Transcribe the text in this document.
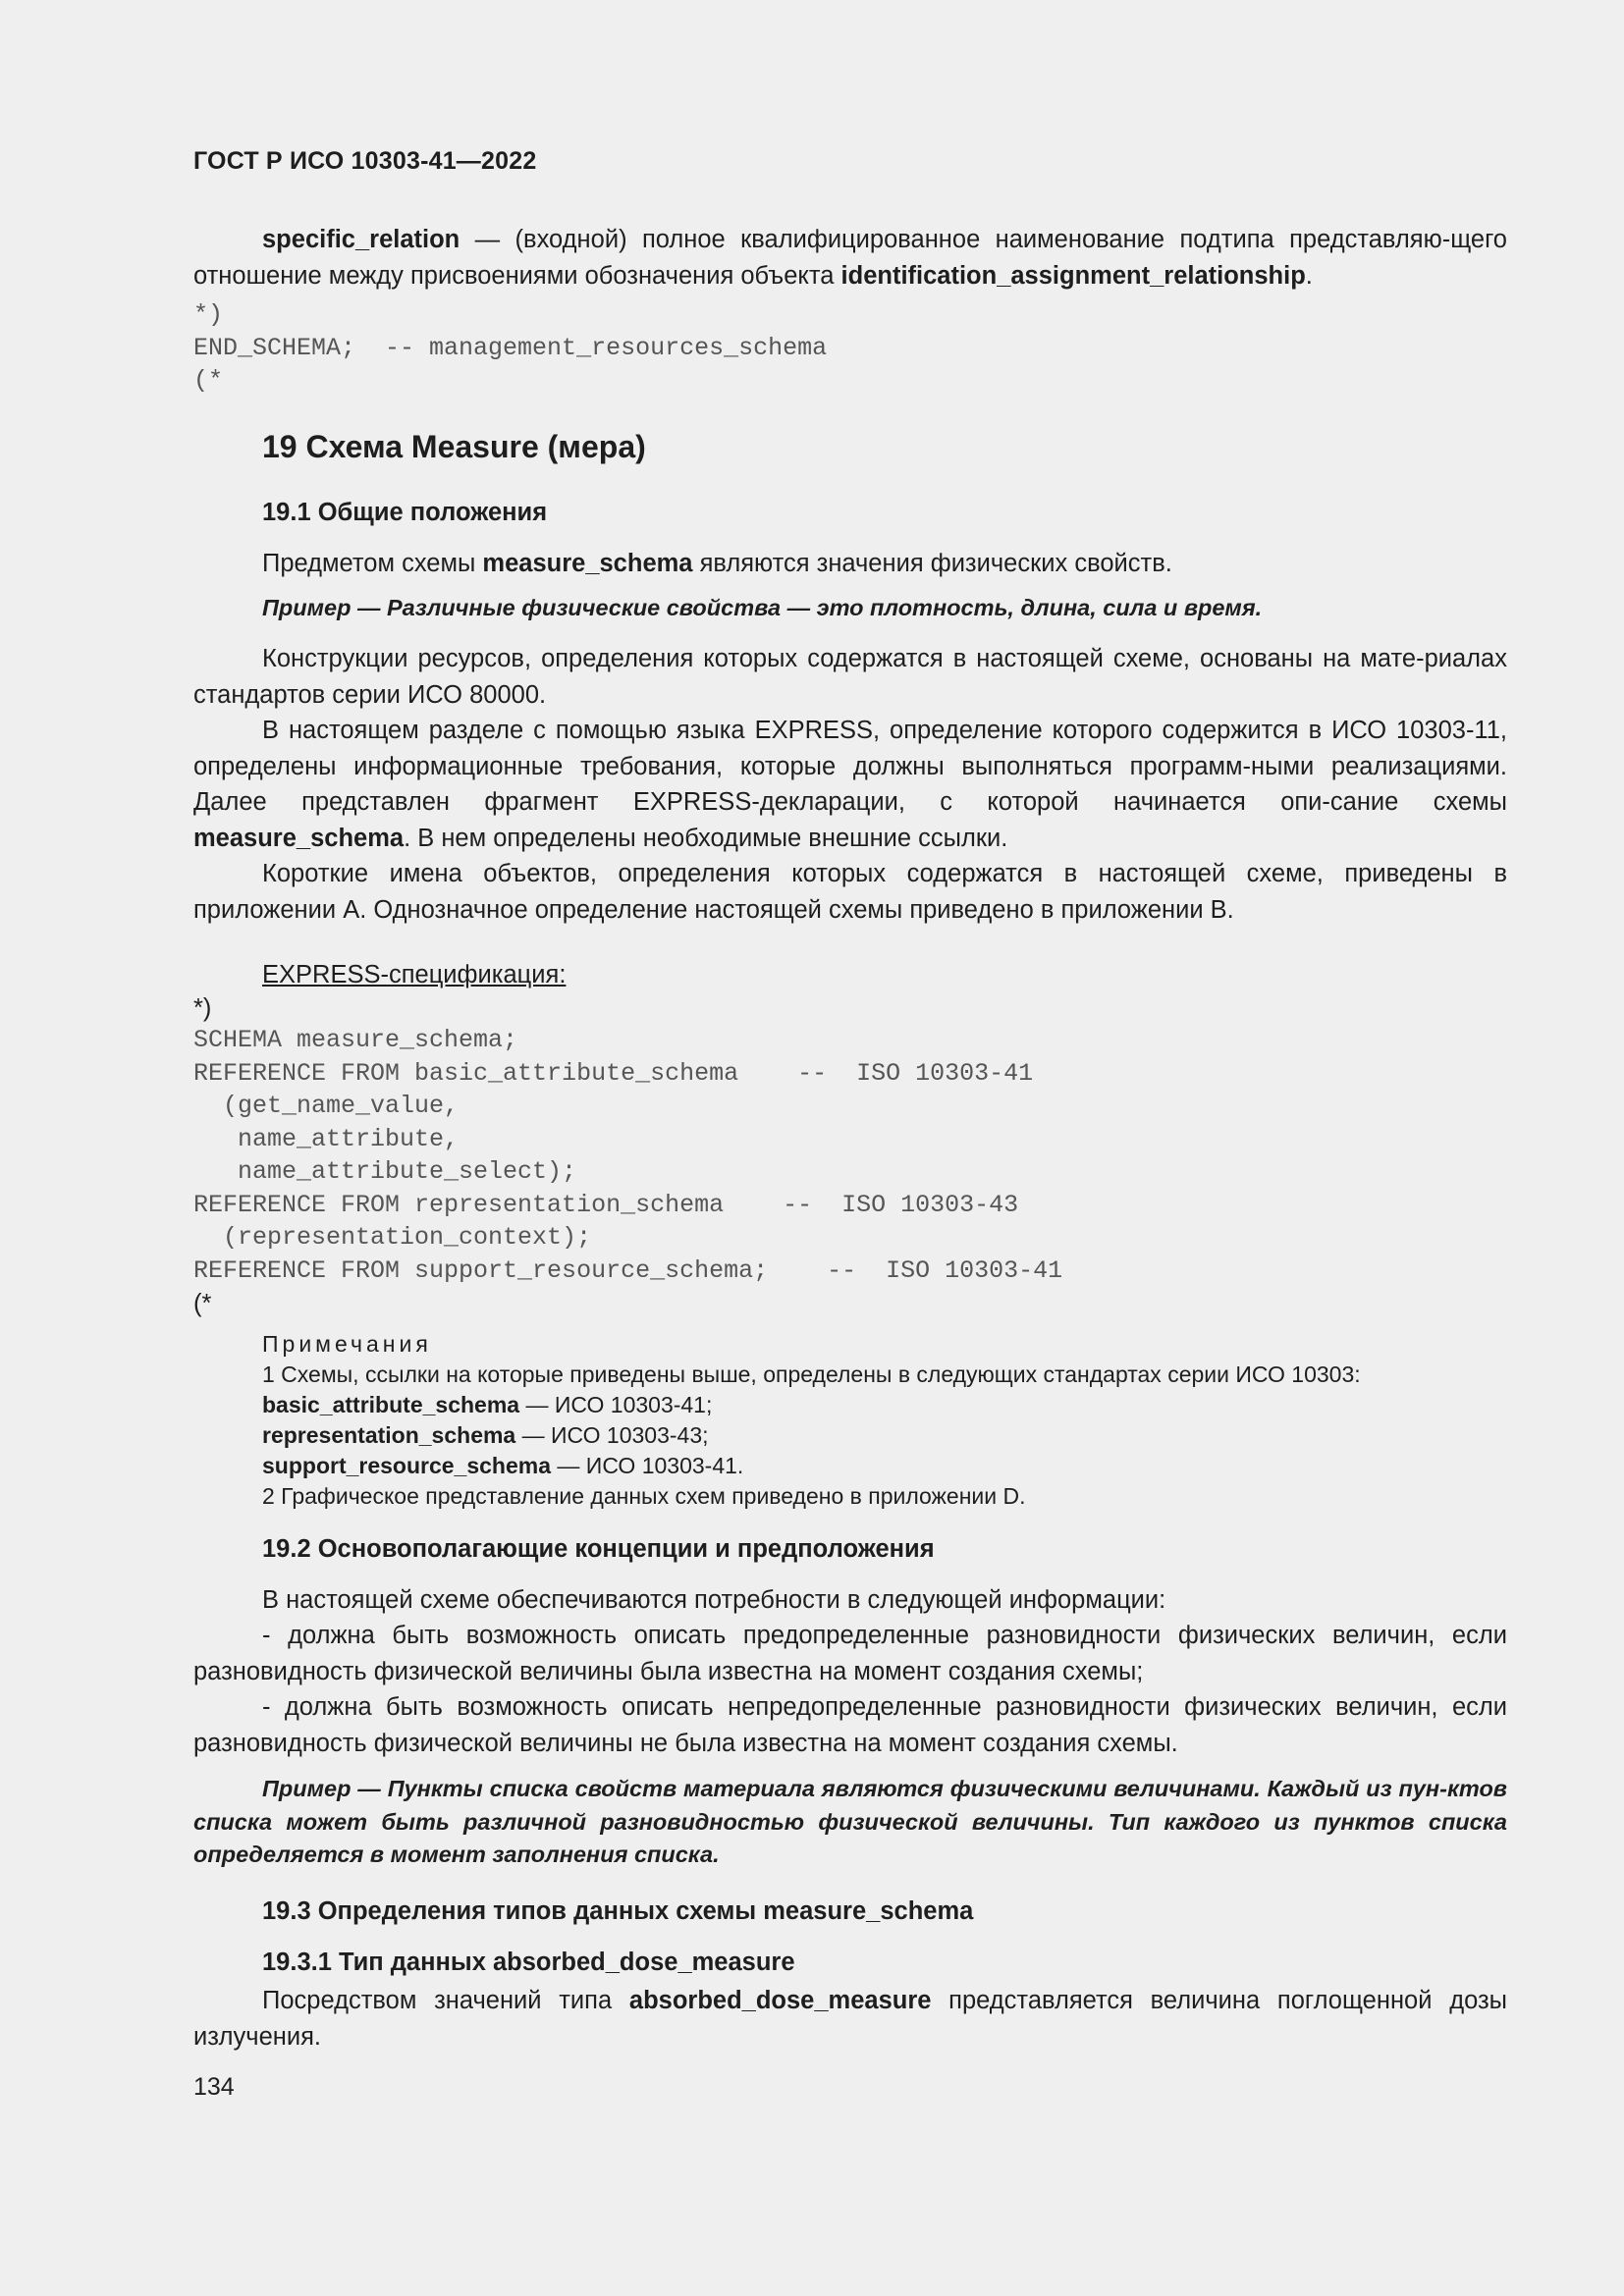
ГОСТ Р ИСО 10303-41—2022

specific_relation — (входной) полное квалифицированное наименование подтипа представляю-щего отношение между присвоениями обозначения объекта identification_assignment_relationship.

*)
END_SCHEMA;  -- management_resources_schema
(*
19 Схема Measure (мера)
19.1 Общие положения

Предметом схемы measure_schema являются значения физических свойств.

Пример — Различные физические свойства — это плотность, длина, сила и время.

Конструкции ресурсов, определения которых содержатся в настоящей схеме, основаны на мате-риалах стандартов серии ИСО 80000.

В настоящем разделе с помощью языка EXPRESS, определение которого содержится в ИСО 10303-11, определены информационные требования, которые должны выполняться программ-ными реализациями. Далее представлен фрагмент EXPRESS-декларации, с которой начинается опи-сание схемы measure_schema. В нем определены необходимые внешние ссылки.

Короткие имена объектов, определения которых содержатся в настоящей схеме, приведены в приложении А. Однозначное определение настоящей схемы приведено в приложении В.

EXPRESS-спецификация:

*)
SCHEMA measure_schema;
REFERENCE FROM basic_attribute_schema    --  ISO 10303-41
(get_name_value,
name_attribute,
name_attribute_select);
REFERENCE FROM representation_schema    --  ISO 10303-43
(representation_context);
REFERENCE FROM support_resource_schema;    --  ISO 10303-41
(*

Примечания

1 Схемы, ссылки на которые приведены выше, определены в следующих стандартах серии ИСО 10303:

basic_attribute_schema — ИСО 10303-41;

representation_schema — ИСО 10303-43;

support_resource_schema — ИСО 10303-41.

2 Графическое представление данных схем приведено в приложении D.

19.2 Основополагающие концепции и предположения

В настоящей схеме обеспечиваются потребности в следующей информации:

- должна быть возможность описать предопределенные разновидности физических величин, если разновидность физической величины была известна на момент создания схемы;

- должна быть возможность описать непредопределенные разновидности физических величин, если разновидность физической величины не была известна на момент создания схемы.

Пример — Пункты списка свойств материала являются физическими величинами. Каждый из пун-ктов списка может быть различной разновидностью физической величины. Тип каждого из пунктов списка определяется в момент заполнения списка.

19.3 Определения типов данных схемы measure_schema
19.3.1 Тип данных absorbed_dose_measure

Посредством значений типа absorbed_dose_measure представляется величина поглощенной дозы излучения.

134
